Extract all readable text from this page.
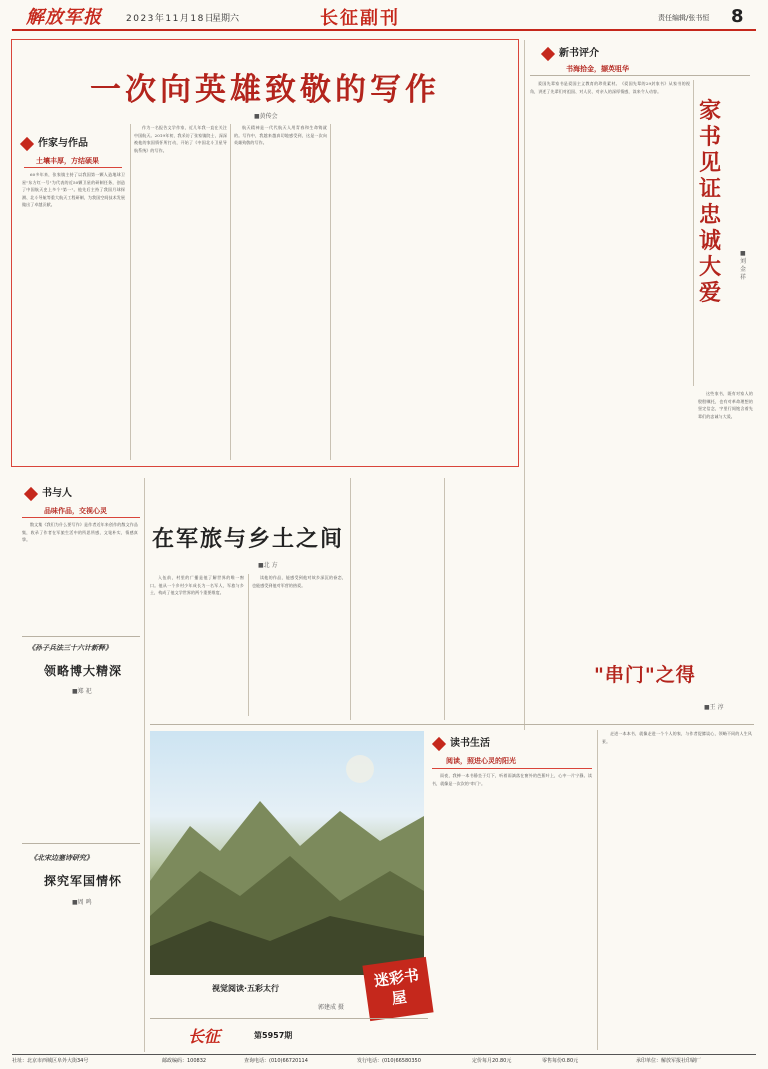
解放军报	2023年11月18日
星期六	长征副刊	责任编辑/张书恒 8
一次向英雄致敬的写作
■黄传会
作家与作品
土壤丰厚，方结硕果

60多年来，张家镇主持了以我国第一颗人造地球卫星"东方红一号"为代表的近50颗卫星的研制任务，创造了中国航天史上多个"第一"。他先后主持了我国月球探测、北斗导航等重大航天工程研制，为我国空间技术发展做出了卓越贡献。

作为一名报告文学作家，近几年我一直在关注中国航天。2019年初，我采访了张家镇院士，深深被他的家国情怀所打动，开始了《中国北斗卫星导航系统》的写作。

航天精神是一代代航天人用青春和生命铸就的。写作中，我越来越真切地感受到，这是一次向英雄致敬的写作。

新书评介
书海拾金，撷英咀华

爱国先辈家书是爱国主义教育的珍贵素材。《爱国先辈的29封家书》从家书的视角，讲述了先辈们对祖国、对人民、对亲人的深厚情感，读来令人动容。

家书见证忠诚大爱
■刘金祥

这些家书，既有对家人的殷殷嘱托，也有对革命理想的坚定信念，字里行间饱含着先辈们的忠诚与大爱。

书与人
品味作品，交视心灵

散文集《我们为什么要写作》是作者近年来创作的散文作品集，收录了作者在军旅生活中的所思所感，文笔朴实，情感真挚。

《孙子兵法三十六计新释》
领略博大精深
■郑 祀
《北宋边塞诗研究》
探究军国情怀
■周 鸣
在军旅与乡土之间
■北 方

入伍前，村里的广播是他了解世界的唯一窗口。他从一个乡村少年成长为一名军人，军旅与乡土，构成了他文学世界的两个重要维度。

读他的作品，能感受到他对故乡深沉的眷恋，也能感受到他对军营的热爱。

"串门"之得
■王 淳
读书生活
阅读，照进心灵的阳光

雨夜，我捧一本书静坐于灯下，听着雨滴落在窗外的芭蕉叶上，心中一片宁静。读书，就像是一次次的"串门"。

走进一本本书，就像走进一个个人的家，与作者促膝谈心，领略不同的人生风景。

视觉阅读·五彩太行
郭建成 摄
迷彩书屋
长征	第5957期
社址：北京市西城区阜外大街34号	邮政编码：100832	查询电话：(010)66720114	发行电话：(010)66580350	定价每月20.80元	零售每份0.80元	承印单位：解放军报社印刷厂
